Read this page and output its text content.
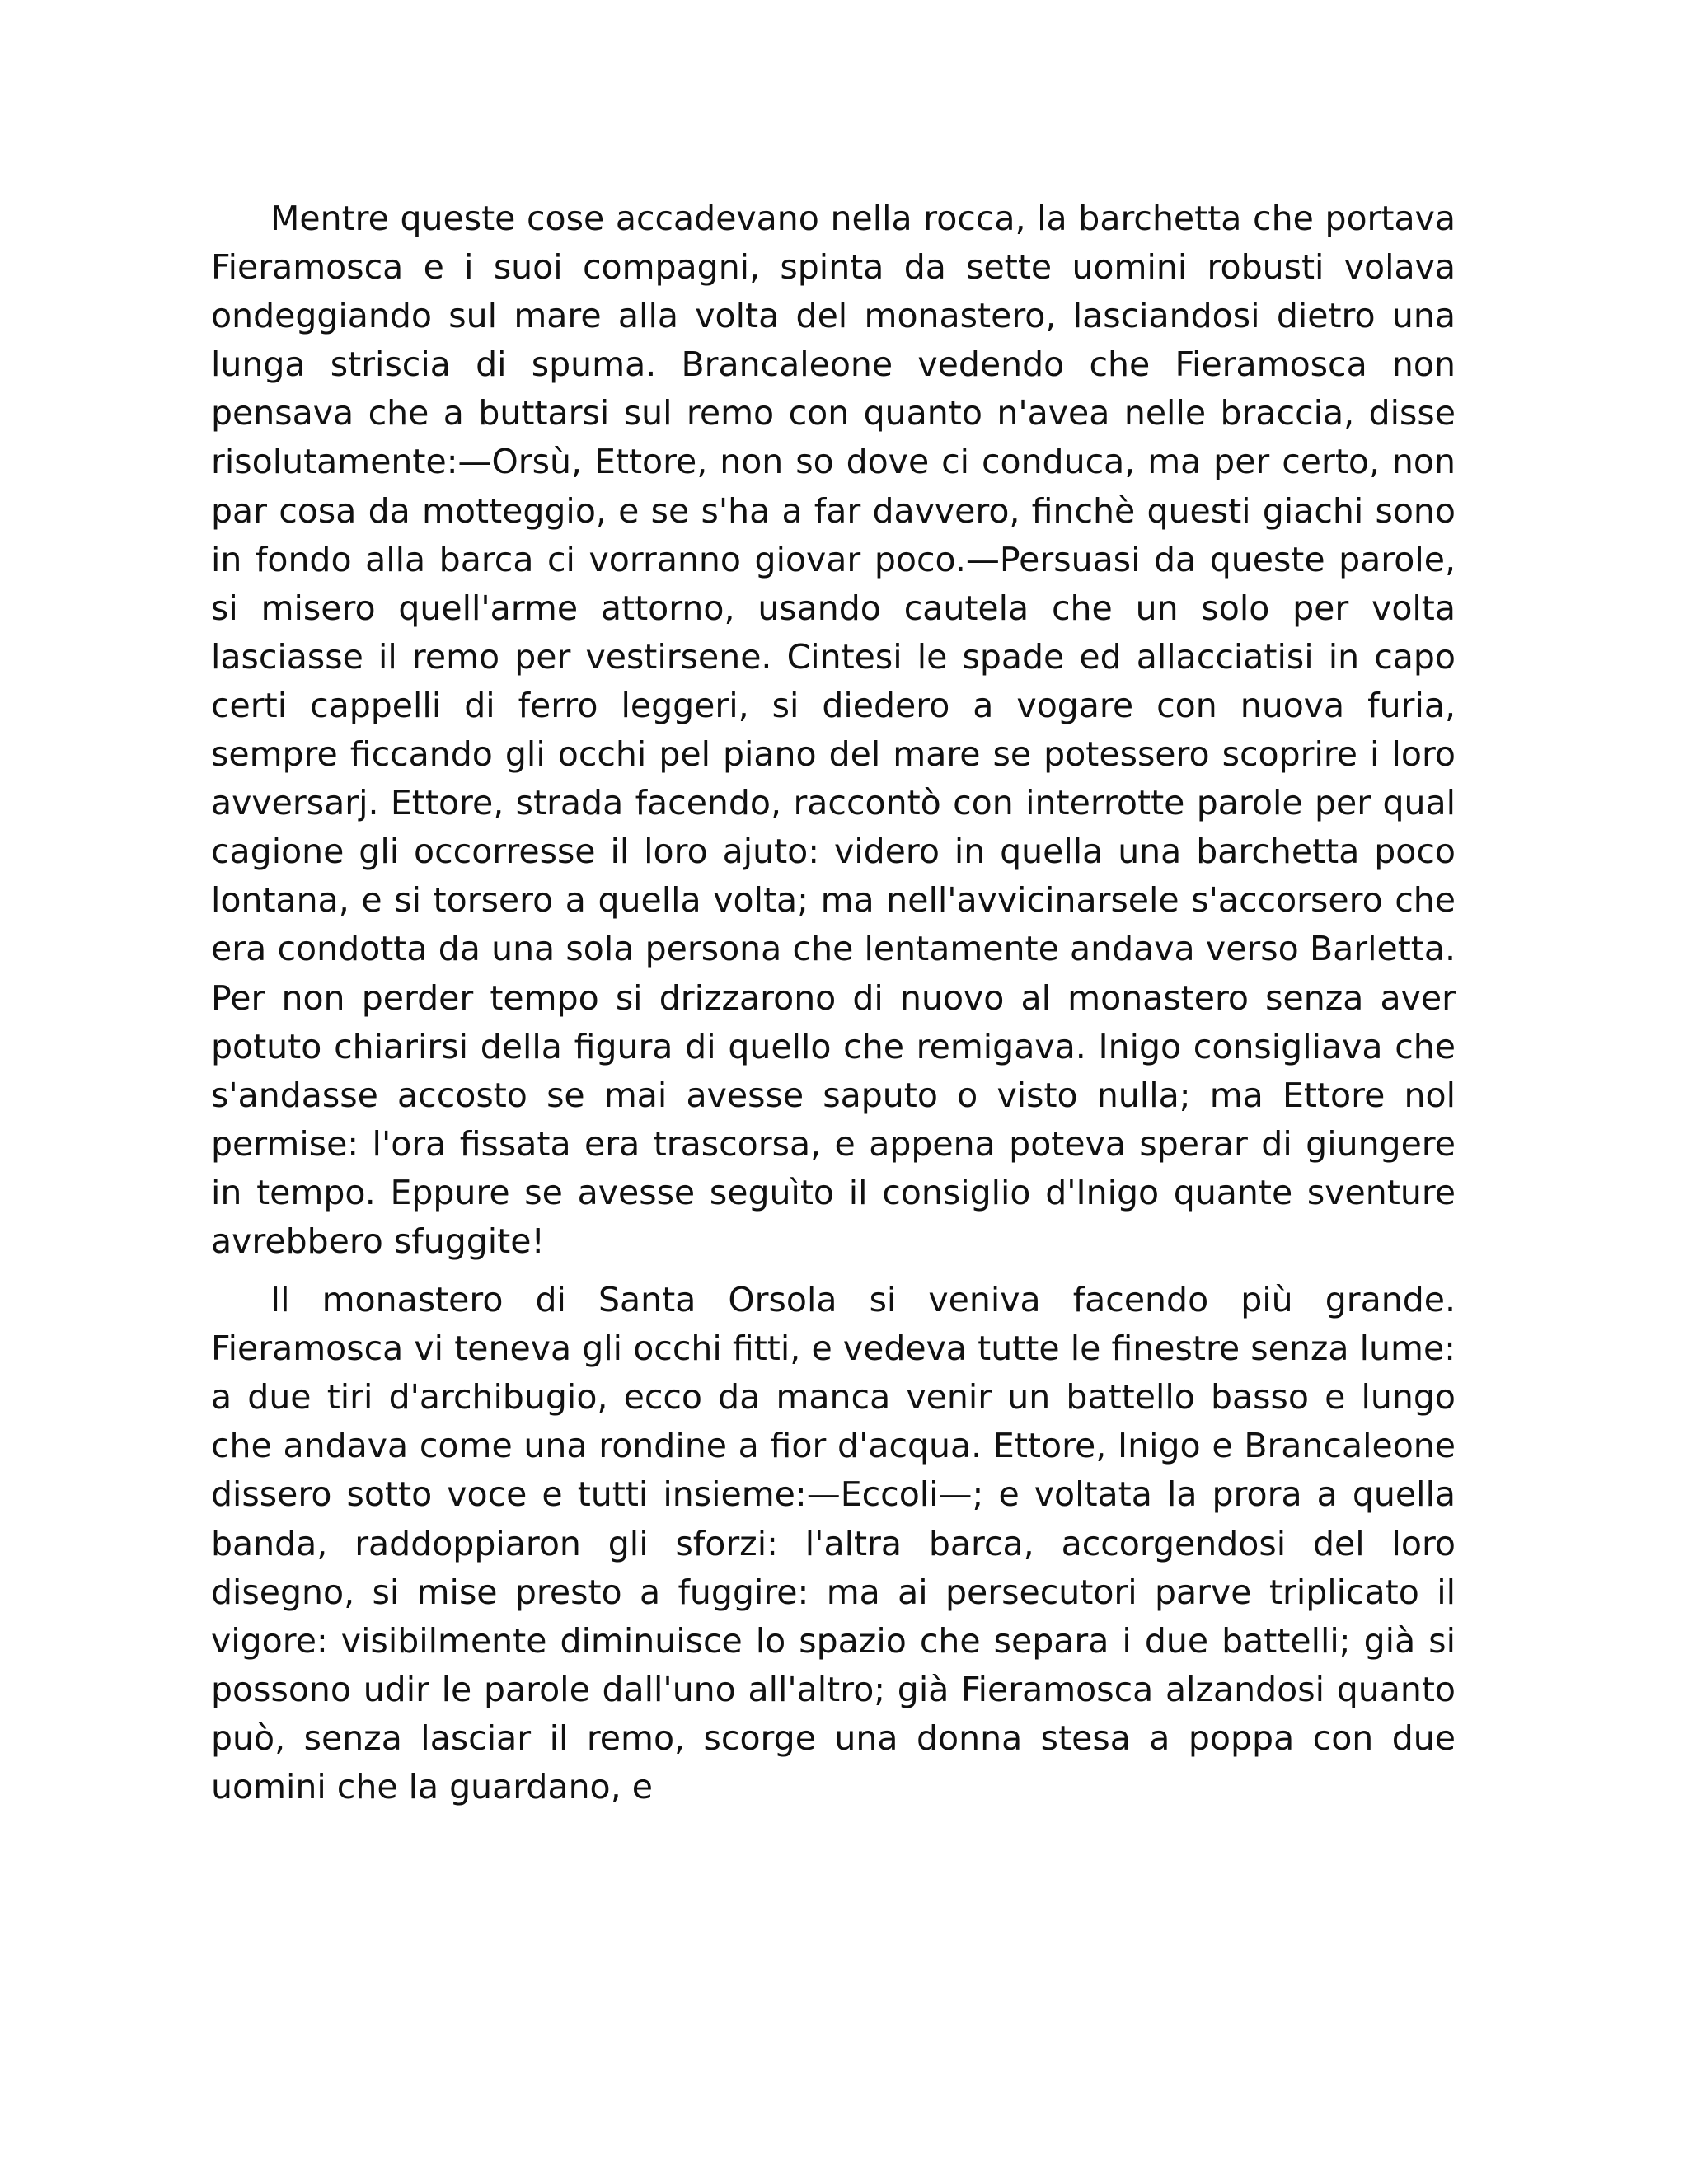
Mentre queste cose accadevano nella rocca, la barchetta che portava Fieramosca e i suoi compagni, spinta da sette uomini robusti volava ondeggiando sul mare alla volta del monastero, lasciandosi dietro una lunga striscia di spuma. Brancaleone vedendo che Fieramosca non pensava che a buttarsi sul remo con quanto n'avea nelle braccia, disse risolutamente:—Orsù, Ettore, non so dove ci conduca, ma per certo, non par cosa da motteggio, e se s'ha a far davvero, finchè questi giachi sono in fondo alla barca ci vorranno giovar poco.—Persuasi da queste parole, si misero quell'arme attorno, usando cautela che un solo per volta lasciasse il remo per vestirsene. Cintesi le spade ed allacciatisi in capo certi cappelli di ferro leggeri, si diedero a vogare con nuova furia, sempre ficcando gli occhi pel piano del mare se potessero scoprire i loro avversarj. Ettore, strada facendo, raccontò con interrotte parole per qual cagione gli occorresse il loro ajuto: videro in quella una barchetta poco lontana, e si torsero a quella volta; ma nell'avvicinarsele s'accorsero che era condotta da una sola persona che lentamente andava verso Barletta. Per non perder tempo si drizzarono di nuovo al monastero senza aver potuto chiarirsi della figura di quello che remigava. Inigo consigliava che s'andasse accosto se mai avesse saputo o visto nulla; ma Ettore nol permise: l'ora fissata era trascorsa, e appena poteva sperar di giungere in tempo. Eppure se avesse seguìto il consiglio d'Inigo quante sventure avrebbero sfuggite!

Il monastero di Santa Orsola si veniva facendo più grande. Fieramosca vi teneva gli occhi fitti, e vedeva tutte le finestre senza lume: a due tiri d'archibugio, ecco da manca venir un battello basso e lungo che andava come una rondine a fior d'acqua. Ettore, Inigo e Brancaleone dissero sotto voce e tutti insieme:—Eccoli—; e voltata la prora a quella banda, raddoppiaron gli sforzi: l'altra barca, accorgendosi del loro disegno, si mise presto a fuggire: ma ai persecutori parve triplicato il vigore: visibilmente diminuisce lo spazio che separa i due battelli; già si possono udir le parole dall'uno all'altro; già Fieramosca alzandosi quanto può, senza lasciar il remo, scorge una donna stesa a poppa con due uomini che la guardano, e
